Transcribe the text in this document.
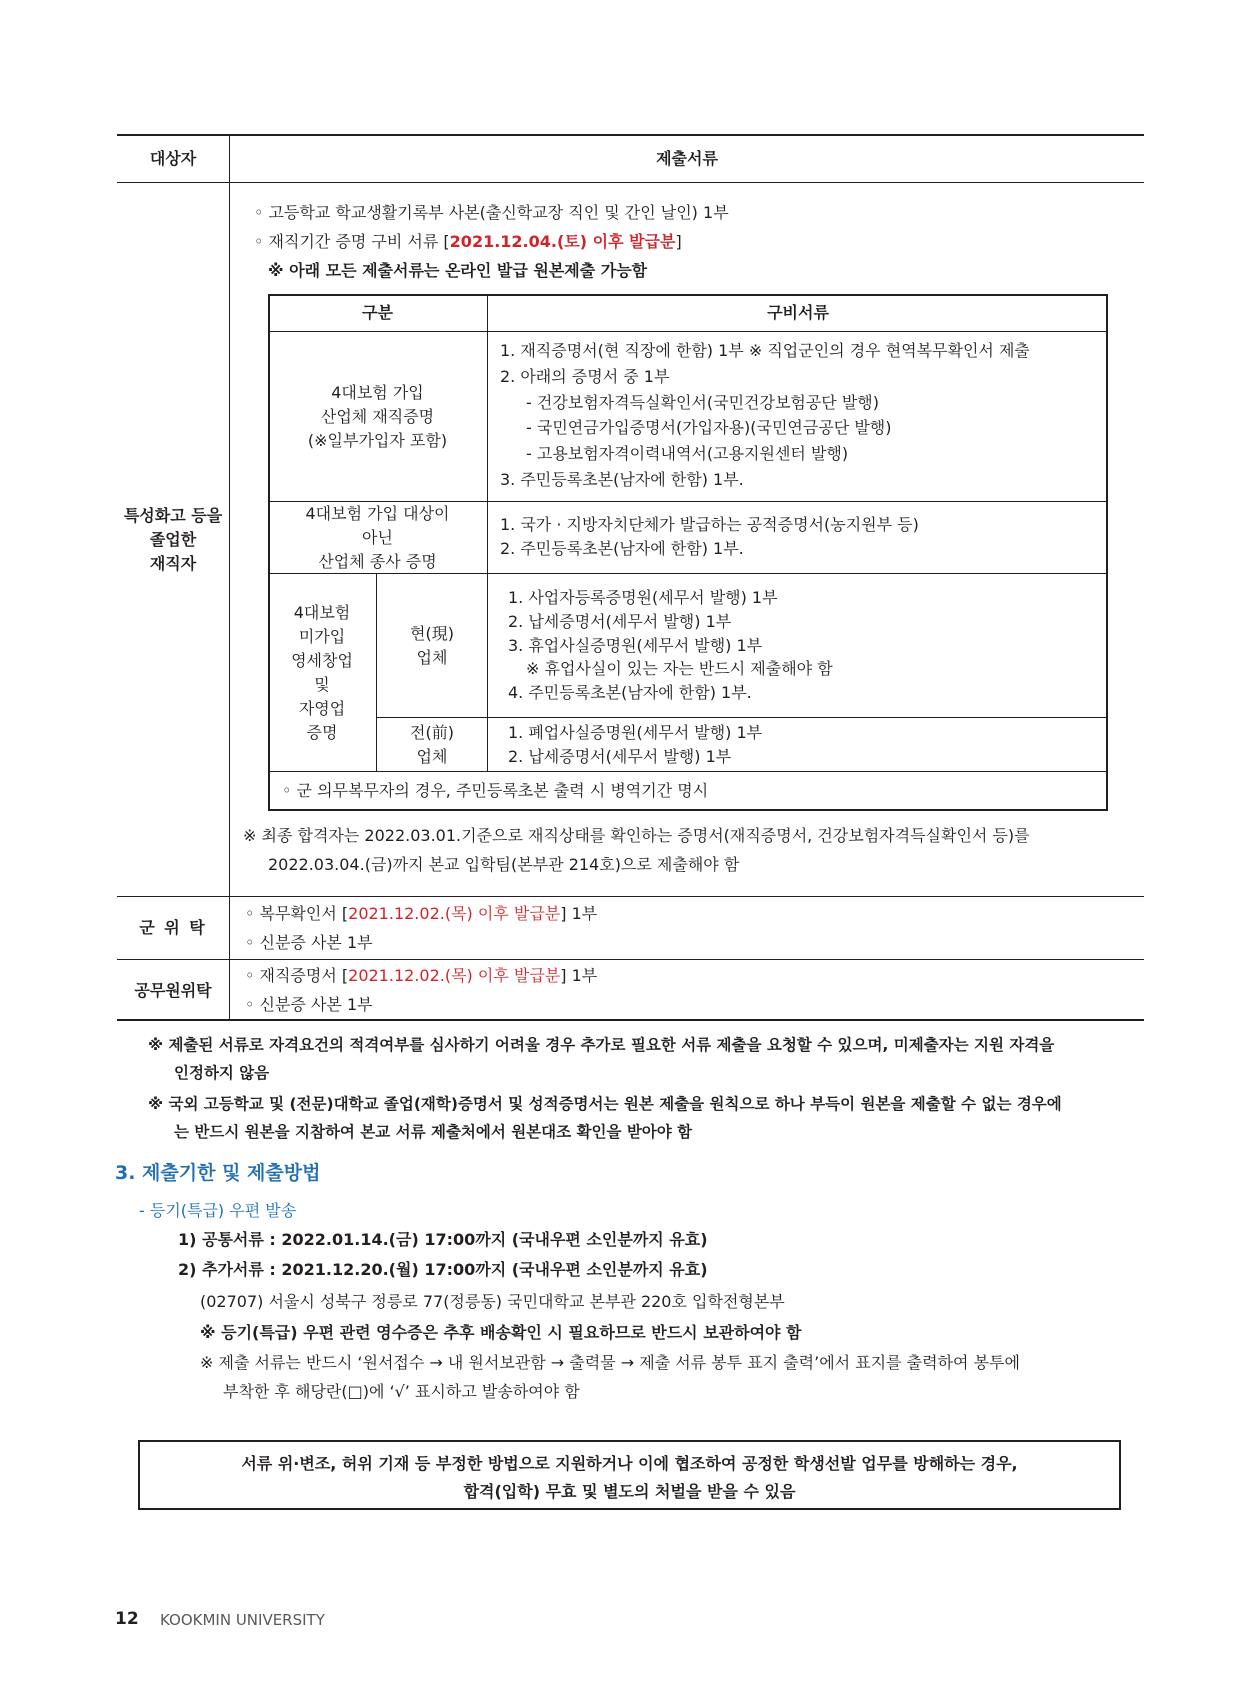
대상자	제출서류
특성화고 등을
졸업한
재직자
◦ 고등학교 학교생활기록부 사본(출신학교장 직인 및 간인 날인) 1부
◦ 재직기간 증명 구비 서류 [2021.12.04.(토) 이후 발급분]
※ 아래 모든 제출서류는 온라인 발급 원본제출 가능함
구분	구비서류
4대보험 가입
산업체 재직증명
(※일부가입자 포함)
1. 재직증명서(현 직장에 한함) 1부 ※ 직업군인의 경우 현역복무확인서 제출
2. 아래의 증명서 중 1부
- 건강보험자격득실확인서(국민건강보험공단 발행)
- 국민연금가입증명서(가입자용)(국민연금공단 발행)
- 고용보험자격이력내역서(고용지원센터 발행)
3. 주민등록초본(남자에 한함) 1부.
4대보험 가입 대상이
아닌
산업체 종사 증명
1. 국가 · 지방자치단체가 발급하는 공적증명서(농지원부 등)
2. 주민등록초본(남자에 한함) 1부.
4대보험
미가입
영세창업
및
자영업
증명
현(現)
업체
1. 사업자등록증명원(세무서 발행) 1부
2. 납세증명서(세무서 발행) 1부
3. 휴업사실증명원(세무서 발행) 1부
※ 휴업사실이 있는 자는 반드시 제출해야 함
4. 주민등록초본(남자에 한함) 1부.
전(前)
업체
1. 폐업사실증명원(세무서 발행) 1부
2. 납세증명서(세무서 발행) 1부
◦ 군 의무복무자의 경우, 주민등록초본 출력 시 병역기간 명시
※ 최종 합격자는 2022.03.01.기준으로 재직상태를 확인하는 증명서(재직증명서, 건강보험자격득실확인서 등)를
2022.03.04.(금)까지 본교 입학팀(본부관 214호)으로 제출해야 함
군 위 탁
◦ 복무확인서 [2021.12.02.(목) 이후 발급분] 1부
◦ 신분증 사본 1부
공무원위탁
◦ 재직증명서 [2021.12.02.(목) 이후 발급분] 1부
◦ 신분증 사본 1부
※ 제출된 서류로 자격요건의 적격여부를 심사하기 어려울 경우 추가로 필요한 서류 제출을 요청할 수 있으며, 미제출자는 지원 자격을
인정하지 않음
※ 국외 고등학교 및 (전문)대학교 졸업(재학)증명서 및 성적증명서는 원본 제출을 원칙으로 하나 부득이 원본을 제출할 수 없는 경우에
는 반드시 원본을 지참하여 본교 서류 제출처에서 원본대조 확인을 받아야 함
3. 제출기한 및 제출방법
- 등기(특급) 우편 발송
1) 공통서류 : 2022.01.14.(금) 17:00까지 (국내우편 소인분까지 유효)
2) 추가서류 : 2021.12.20.(월) 17:00까지 (국내우편 소인분까지 유효)
(02707) 서울시 성북구 정릉로 77(정릉동) 국민대학교 본부관 220호 입학전형본부
※ 등기(특급) 우편 관련 영수증은 추후 배송확인 시 필요하므로 반드시 보관하여야 함
※ 제출 서류는 반드시 ‘원서접수 → 내 원서보관함 → 출력물 → 제출 서류 봉투 표지 출력’에서 표지를 출력하여 봉투에
부착한 후 해당란(□)에 ‘√’ 표시하고 발송하여야 함
서류 위·변조, 허위 기재 등 부정한 방법으로 지원하거나 이에 협조하여 공정한 학생선발 업무를 방해하는 경우,
합격(입학) 무효 및 별도의 처벌을 받을 수 있음
12 KOOKMIN UNIVERSITY
